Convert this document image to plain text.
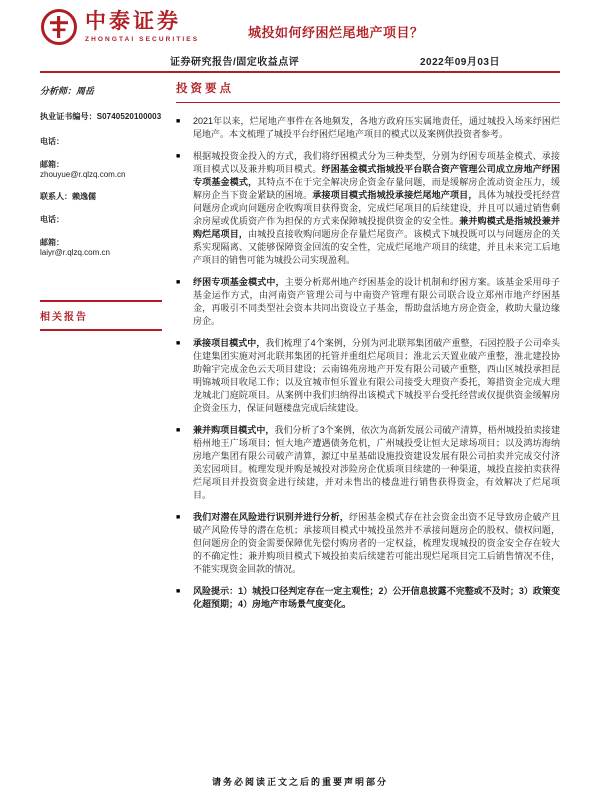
中泰证券
ZHONGTAI SECURITIES	城投如何纾困烂尾地产项目？
证券研究报告/固定收益点评	2022年09月03日
分析师：周岳
执业证书编号：S0740520100003
电话：
邮箱：
zhouyue@r.qlzq.com.cn
联系人：赖逸儒
电话：
邮箱：
laiyr@r.qlzq.com.cn
相关报告
投资要点
■	2021年以来，烂尾地产事件在各地频发，各地方政府压实属地责任，通过城投入场来纾困烂尾地产。本文梳理了城投平台纾困烂尾地产项目的模式以及案例供投资者参考。
■	根据城投资金投入的方式，我们将纾困模式分为三种类型，分别为纾困专项基金模式、承接项目模式以及兼并购项目模式。纾困基金模式指城投平台联合资产管理公司成立房地产纾困专项基金模式，其特点不在于完全解决房企资金存量问题，而是缓解房企流动资金压力，缓解房企当下资金紧缺的困境。承接项目模式指城投承接烂尾地产项目，具体为城投受托经营问题房企或向问题房企收购项目获得资金，完成烂尾项目的后续建设，并且可以通过销售剩余房屋或优质资产作为担保的方式来保障城投提供资金的安全性。兼并购模式是指城投兼并购烂尾项目，由城投直接收购问题房企存量烂尾资产。该模式下城投既可以与问题房企的关系实现隔离、又能够保障资金回流的安全性，完成烂尾地产项目的续建，并且未来完工后地产项目的销售可能为城投公司实现盈利。
■	纾困专项基金模式中，主要分析郑州地产纾困基金的设计机制和纾困方案。该基金采用母子基金运作方式，由河南资产管理公司与中南资产管理有限公司联合设立郑州市地产纾困基金，再吸引不同类型社会资本共同出资设立子基金，帮助盘活地方房企资金，救助大量边缘房企。
■	承接项目模式中，我们梳理了4个案例，分别为河北联邦集团破产重整，石园控股子公司牵头住建集团实施对河北联邦集团的托管并重组烂尾项目；淮北云天置业破产重整，淮北建投协助翰宇完成金色云天项目建设；云南锦苑房地产开发有限公司破产重整，西山区城投承担昆明锦城项目收尾工作；以及宜城市恒乐置业有限公司接受大理资产委托，筹措资金完成大理龙城北门庭院项目。从案例中我们归纳得出该模式下城投平台受托经营或仅提供资金缓解房企资金压力，保证问题楼盘完成后续建设。
■	兼并购项目模式中，我们分析了3个案例，依次为高新发展公司破产清算，梧州城投拍卖接建梧州地王广场项目；恒大地产遭遇债务危机，广州城投受让恒大足球场项目；以及鸿坊海纳房地产集团有限公司破产清算，源辽中星基础设施投资建设发展有限公司拍卖并完成交付济美宏园项目。梳理发现并购是城投对涉险房企优质项目续建的一种渠道，城投直接拍卖获得烂尾项目并投资资金进行续建，并对未售出的楼盘进行销售获得资金，有效解决了烂尾项目。
■	我们对潜在风险进行识别并进行分析，纾困基金模式存在社会资金出资不足导致房企破产且破产风险传导的潜在危机；承接项目模式中城投虽然并不承接问题房企的股权、债权问题，但问题房企的资金需要保障优先偿付购房者的一定权益，梳理发现城投的资金安全存在较大的不确定性；兼并购项目模式下城投拍卖后续建若可能出现烂尾项目完工后销售情况不佳，不能实现资金回款的情况。
■	风险提示：1）城投口径判定存在一定主观性；2）公开信息披露不完整或不及时；3）政策变化超预期；4）房地产市场景气度变化。
请务必阅读正文之后的重要声明部分
